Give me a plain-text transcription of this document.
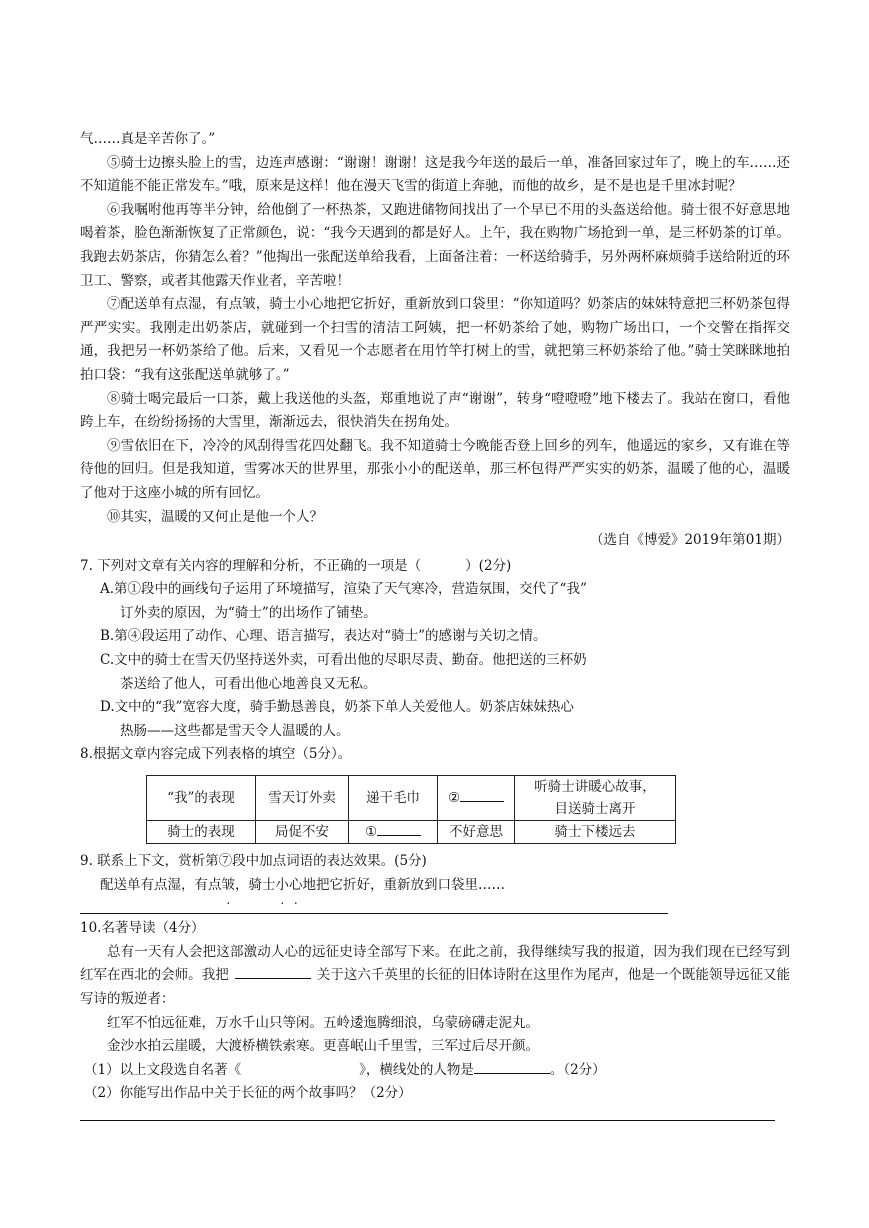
气……真是辛苦你了。”

⑤骑士边擦头脸上的雪，边连声感谢：“谢谢！谢谢！这是我今年送的最后一单，准备回家过年了，晚上的车……还不知道能不能正常发车。”哦，原来是这样！他在漫天飞雪的街道上奔驰，而他的故乡，是不是也是千里冰封呢？

⑥我嘱咐他再等半分钟，给他倒了一杯热茶，又跑进储物间找出了一个早已不用的头盔送给他。骑士很不好意思地喝着茶，脸色渐渐恢复了正常颜色，说：“我今天遇到的都是好人。上午，我在购物广场抢到一单，是三杯奶茶的订单。我跑去奶茶店，你猜怎么着？”他掏出一张配送单给我看，上面备注着：一杯送给骑手，另外两杯麻烦骑手送给附近的环卫工、警察，或者其他露天作业者，辛苦啦！

⑦配送单有点湿，有点皱，骑士小心地把它折好，重新放到口袋里：“你知道吗？奶茶店的妹妹特意把三杯奶茶包得严严实实。我刚走出奶茶店，就碰到一个扫雪的清洁工阿姨，把一杯奶茶给了她，购物广场出口，一个交警在指挥交通，我把另一杯奶茶给了他。后来，又看见一个志愿者在用竹竿打树上的雪，就把第三杯奶茶给了他。”骑士笑眯眯地拍拍口袋：“我有这张配送单就够了。”

⑧骑士喝完最后一口茶，戴上我送他的头盔，郑重地说了声“谢谢”，转身“噔噔噔”地下楼去了。我站在窗口，看他跨上车，在纷纷扬扬的大雪里，渐渐远去，很快消失在拐角处。

⑨雪依旧在下，冷冷的风刮得雪花四处翻飞。我不知道骑士今晚能否登上回乡的列车，他遥远的家乡，又有谁在等待他的回归。但是我知道，雪雾冰天的世界里，那张小小的配送单，那三杯包得严严实实的奶茶，温暖了他的心，温暖了他对于这座小城的所有回忆。

⑩其实，温暖的又何止是他一个人？

（选自《博爱》2019年第01期）

7. 下列对文章有关内容的理解和分析，不正确的一项是（	）(2分)

A.第①段中的画线句子运用了环境描写，渲染了天气寒冷，营造氛围，交代了“我”

订外卖的原因，为“骑士”的出场作了铺垫。

B.第④段运用了动作、心理、语言描写，表达对“骑士”的感谢与关切之情。

C.文中的骑士在雪天仍坚持送外卖，可看出他的尽职尽责、勤奋。他把送的三杯奶

茶送给了他人，可看出他心地善良又无私。

D.文中的“我”宽容大度，骑手勤恳善良，奶茶下单人关爱他人。奶茶店妹妹热心

热肠——这些都是雪天令人温暖的人。

8.根据文章内容完成下列表格的填空（5分）。

“我”的表现	雪天订外卖	递干毛巾	②	听骑士讲暖心故事，
目送骑士离开

骑士的表现	局促不安	①	不好意思	骑士下楼远去

9. 联系上下文，赏析第⑦段中加点词语的表达效果。(5分)

配送单有点湿，有点皱，骑士小心地把它折好，重新放到口袋里……

10.名著导读（4分）

总有一天有人会把这部激动人心的远征史诗全部写下来。在此之前，我得继续写我的报道，因为我们现在已经写到红军在西北的会师。我把	关于这六千英里的长征的旧体诗附在这里作为尾声，他是一个既能领导远征又能写诗的叛逆者：

红军不怕远征难，万水千山只等闲。五岭逶迤腾细浪，乌蒙磅礴走泥丸。

金沙水拍云崖暖，大渡桥横铁索寒。更喜岷山千里雪，三军过后尽开颜。

（1）以上文段选自名著《	》，横线处的人物是	。（2分）

（2）你能写出作品中关于长征的两个故事吗？（2分）
